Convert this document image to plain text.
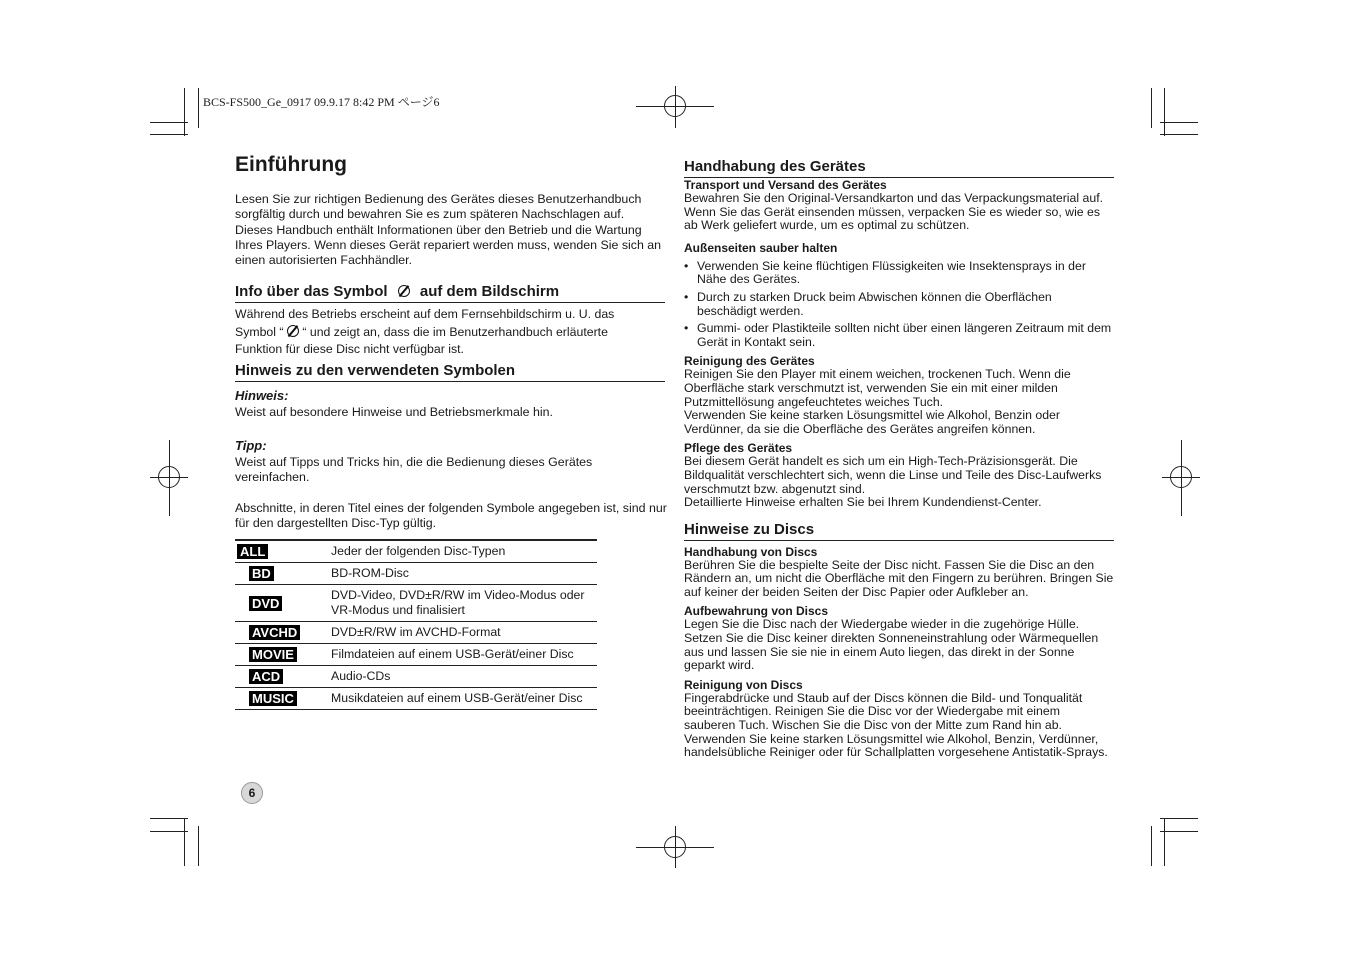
BCS-FS500_Ge_0917 09.9.17 8:42 PM ページ6
Einführung

Lesen Sie zur richtigen Bedienung des Gerätes dieses Benutzerhandbuch sorgfältig durch und bewahren Sie es zum späteren Nachschlagen auf. Dieses Handbuch enthält Informationen über den Betrieb und die Wartung Ihres Players. Wenn dieses Gerät repariert werden muss, wenden Sie sich an einen autorisierten Fachhändler.

Info über das Symbol auf dem Bildschirm
Während des Betriebs erscheint auf dem Fernsehbildschirm u. U. das
Symbol “ “ und zeigt an, dass die im Benutzerhandbuch erläuterte
Funktion für diese Disc nicht verfügbar ist.
Hinweis zu den verwendeten Symbolen
Hinweis:

Weist auf besondere Hinweise und Betriebsmerkmale hin.

Tipp:

Weist auf Tipps und Tricks hin, die die Bedienung dieses Gerätes vereinfachen.

Abschnitte, in deren Titel eines der folgenden Symbole angegeben ist, sind nur für den dargestellten Disc-Typ gültig.

ALL	Jeder der folgenden Disc-Typen
BD	BD-ROM-Disc
DVD	DVD-Video, DVD±R/RW im Video-Modus oder VR-Modus und finalisiert
AVCHD	DVD±R/RW im AVCHD-Format
MOVIE	Filmdateien auf einem USB-Gerät/einer Disc
ACD	Audio-CDs
MUSIC	Musikdateien auf einem USB-Gerät/einer Disc
6
Handhabung des Gerätes

Transport und Versand des Gerätes

Bewahren Sie den Original-Versandkarton und das Verpackungsmaterial auf. Wenn Sie das Gerät einsenden müssen, verpacken Sie es wieder so, wie es ab Werk geliefert wurde, um es optimal zu schützen.

Außenseiten sauber halten

• Verwenden Sie keine flüchtigen Flüssigkeiten wie Insektensprays in der Nähe des Gerätes.
• Durch zu starken Druck beim Abwischen können die Oberflächen beschädigt werden.
• Gummi- oder Plastikteile sollten nicht über einen längeren Zeitraum mit dem Gerät in Kontakt sein.

Reinigung des Gerätes

Reinigen Sie den Player mit einem weichen, trockenen Tuch. Wenn die Oberfläche stark verschmutzt ist, verwenden Sie ein mit einer milden Putzmittellösung angefeuchtetes weiches Tuch.

Verwenden Sie keine starken Lösungsmittel wie Alkohol, Benzin oder Verdünner, da sie die Oberfläche des Gerätes angreifen können.

Pflege des Gerätes

Bei diesem Gerät handelt es sich um ein High-Tech-Präzisionsgerät. Die Bildqualität verschlechtert sich, wenn die Linse und Teile des Disc-Laufwerks verschmutzt bzw. abgenutzt sind.

Detaillierte Hinweise erhalten Sie bei Ihrem Kundendienst-Center.

Hinweise zu Discs

Handhabung von Discs

Berühren Sie die bespielte Seite der Disc nicht. Fassen Sie die Disc an den Rändern an, um nicht die Oberfläche mit den Fingern zu berühren. Bringen Sie auf keiner der beiden Seiten der Disc Papier oder Aufkleber an.

Aufbewahrung von Discs

Legen Sie die Disc nach der Wiedergabe wieder in die zugehörige Hülle. Setzen Sie die Disc keiner direkten Sonneneinstrahlung oder Wärmequellen aus und lassen Sie sie nie in einem Auto liegen, das direkt in der Sonne geparkt wird.

Reinigung von Discs

Fingerabdrücke und Staub auf der Discs können die Bild- und Tonqualität beeinträchtigen. Reinigen Sie die Disc vor der Wiedergabe mit einem sauberen Tuch. Wischen Sie die Disc von der Mitte zum Rand hin ab. Verwenden Sie keine starken Lösungsmittel wie Alkohol, Benzin, Verdünner, handelsübliche Reiniger oder für Schallplatten vorgesehene Antistatik-Sprays.
